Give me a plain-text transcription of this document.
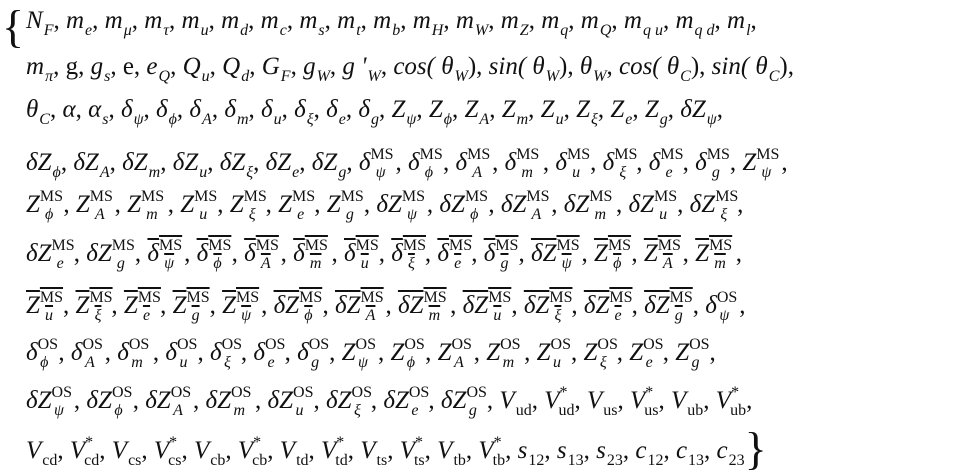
{ $N_F$, $m_e$, $m_\mu$, $m_\tau$, $m_u$, $m_d$, $m_c$, $m_s$, $m_t$, $m_b$, $m_H$, $m_W$, $m_Z$, $m_q$, $m_Q$, $m_{q u}$, $m_{q d}$, $m_l$,
$m_\pi$, g, $g_s$, e, $e_Q$, $Q_u$, $Q_d$, $G_F$, $g_W$, g '$_W$, cos( $\theta_W$), sin( $\theta_W$), $\theta_W$, cos( $\theta_C$), sin( $\theta_C$),
$\theta_C$, α, $\alpha_s$, $\delta_\psi$, $\delta_\phi$, $\delta_A$, $\delta_m$, $\delta_u$, $\delta_\xi$, $\delta_e$, $\delta_g$, $Z_\psi$, $Z_\phi$, $Z_A$, $Z_m$, $Z_u$, $Z_\xi$, $Z_e$, $Z_g$, $\delta Z_\psi$,
$\delta Z_\phi$, $\delta Z_A$, $\delta Z_m$, $\delta Z_u$, $\delta Z_\xi$, $\delta Z_e$, $\delta Z_g$, $\delta^{MS}_\psi$ , $\delta^{MS}_\phi$ , $\delta^{MS}_A$ , $\delta^{MS}_m$ , $\delta^{MS}_u$ , $\delta^{MS}_\xi$ , $\delta^{MS}_e$ , $\delta^{MS}_g$ , $Z^{MS}_\psi$ ,
$Z^{MS}_\phi$ , $Z^{MS}_A$ , $Z^{MS}_m$ , $Z^{MS}_u$ , $Z^{MS}_\xi$ , $Z^{MS}_e$ , $Z^{MS}_g$ , $\delta Z^{MS}_\psi$ , $\delta Z^{MS}_\phi$ , $\delta Z^{MS}_A$ , $\delta Z^{MS}_m$ , $\delta Z^{MS}_u$ , $\delta Z^{MS}_\xi$ ,
$\delta Z^{MS}_e$ , $\delta Z^{MS}_g$ , $\delta^{MS}_\psi$ , $\delta^{MS}_\phi$ , $\delta^{MS}_A$ , $\delta^{MS}_m$ , $\delta^{MS}_u$ , $\delta^{MS}_\xi$ , $\delta^{MS}_e$ , $\delta^{MS}_g$ , $\delta Z^{MS}_\psi$ , $Z^{MS}_\phi$ , $Z^{MS}_A$ , $Z^{MS}_m$ ,
$Z^{MS}_u$ , $Z^{MS}_\xi$ , $Z^{MS}_e$ , $Z^{MS}_g$ , $Z^{MS}_\psi$ , $\delta Z^{MS}_\phi$ , $\delta Z^{MS}_A$ , $\delta Z^{MS}_m$ , $\delta Z^{MS}_u$ , $\delta Z^{MS}_\xi$ , $\delta Z^{MS}_e$ , $\delta Z^{MS}_g$ , $\delta^{OS}_\psi$ ,
$\delta^{OS}_\phi$ , $\delta^{OS}_A$ , $\delta^{OS}_m$ , $\delta^{OS}_u$ , $\delta^{OS}_\xi$ , $\delta^{OS}_e$ , $\delta^{OS}_g$ , $Z^{OS}_\psi$ , $Z^{OS}_\phi$ , $Z^{OS}_A$ , $Z^{OS}_m$ , $Z^{OS}_u$ , $Z^{OS}_\xi$ , $Z^{OS}_e$ , $Z^{OS}_g$ ,
$\delta Z^{OS}_\psi$ , $\delta Z^{OS}_\phi$ , $\delta Z^{OS}_A$ , $\delta Z^{OS}_m$ , $\delta Z^{OS}_u$ , $\delta Z^{OS}_\xi$ , $\delta Z^{OS}_e$ , $\delta Z^{OS}_g$ , $V_{ud}$, $V^*_{ud}$, $V_{us}$, $V^*_{us}$, $V_{ub}$, $V^*_{ub}$,
$V_{cd}$, $V^*_{cd}$, $V_{cs}$, $V^*_{cs}$, $V_{cb}$, $V^*_{cb}$, $V_{td}$, $V^*_{td}$, $V_{ts}$, $V^*_{ts}$, $V_{tb}$, $V^*_{tb}$, $s_{12}$, $s_{13}$, $s_{23}$, $c_{12}$, $c_{13}$, $c_{23}$}
